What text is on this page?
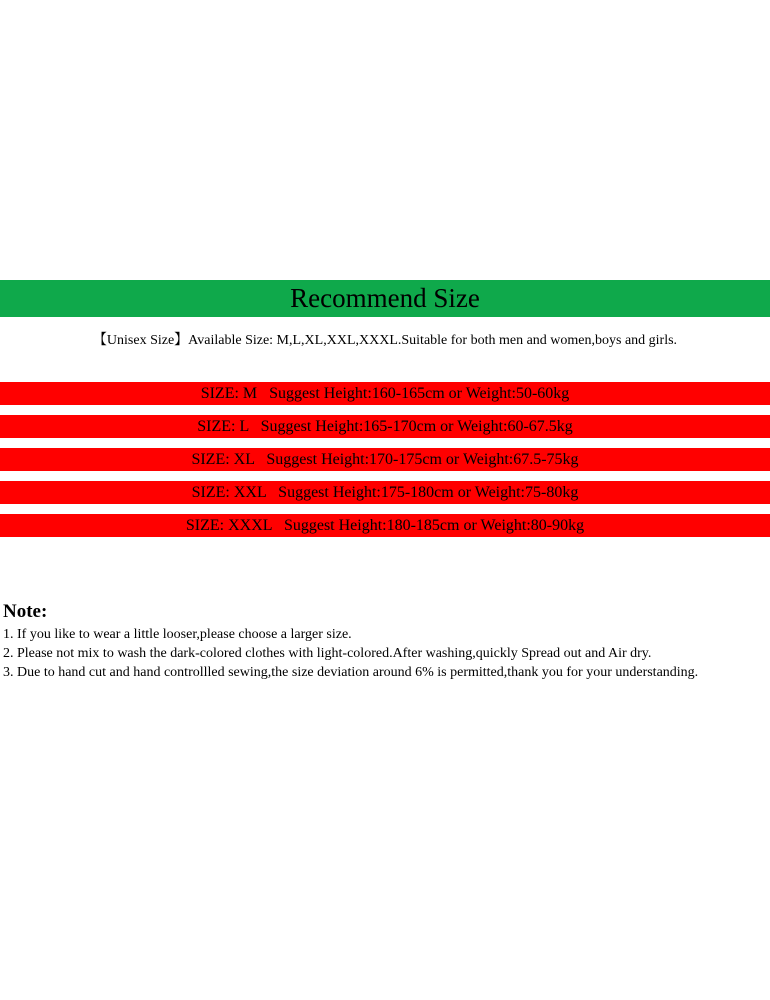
Recommend Size
【Unisex Size】Available Size: M,L,XL,XXL,XXXL.Suitable for both men and women,boys and girls.
SIZE: M   Suggest Height:160-165cm or Weight:50-60kg
SIZE: L   Suggest Height:165-170cm or Weight:60-67.5kg
SIZE: XL   Suggest Height:170-175cm or Weight:67.5-75kg
SIZE: XXL   Suggest Height:175-180cm or Weight:75-80kg
SIZE: XXXL   Suggest Height:180-185cm or Weight:80-90kg
Note:
1. If you like to wear a little looser,please choose a larger size.
2. Please not mix to wash the dark-colored clothes with light-colored.After washing,quickly Spread out and Air dry.
3. Due to hand cut and hand controllled sewing,the size deviation around 6% is permitted,thank you for your understanding.
